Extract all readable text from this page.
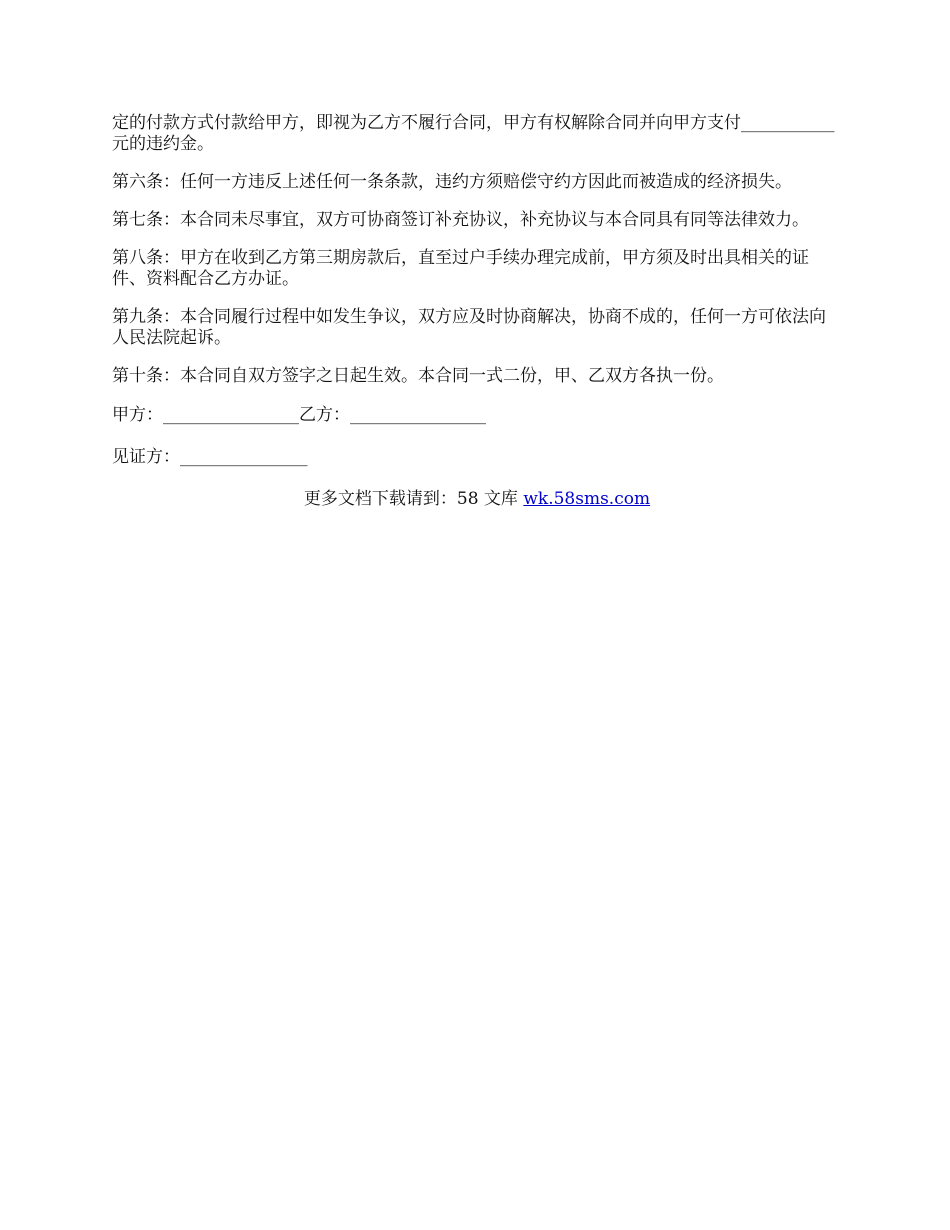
定的付款方式付款给甲方，即视为乙方不履行合同，甲方有权解除合同并向甲方支付___________元的违约金。

第六条：任何一方违反上述任何一条条款，违约方须赔偿守约方因此而被造成的经济损失。

第七条：本合同未尽事宜，双方可协商签订补充协议，补充协议与本合同具有同等法律效力。

第八条：甲方在收到乙方第三期房款后，直至过户手续办理完成前，甲方须及时出具相关的证件、资料配合乙方办证。

第九条：本合同履行过程中如发生争议，双方应及时协商解决，协商不成的，任何一方可依法向人民法院起诉。

第十条：本合同自双方签字之日起生效。本合同一式二份，甲、乙双方各执一份。

甲方：________________乙方：________________

见证方：_______________

更多文档下载请到：58 文库 wk.58sms.com
